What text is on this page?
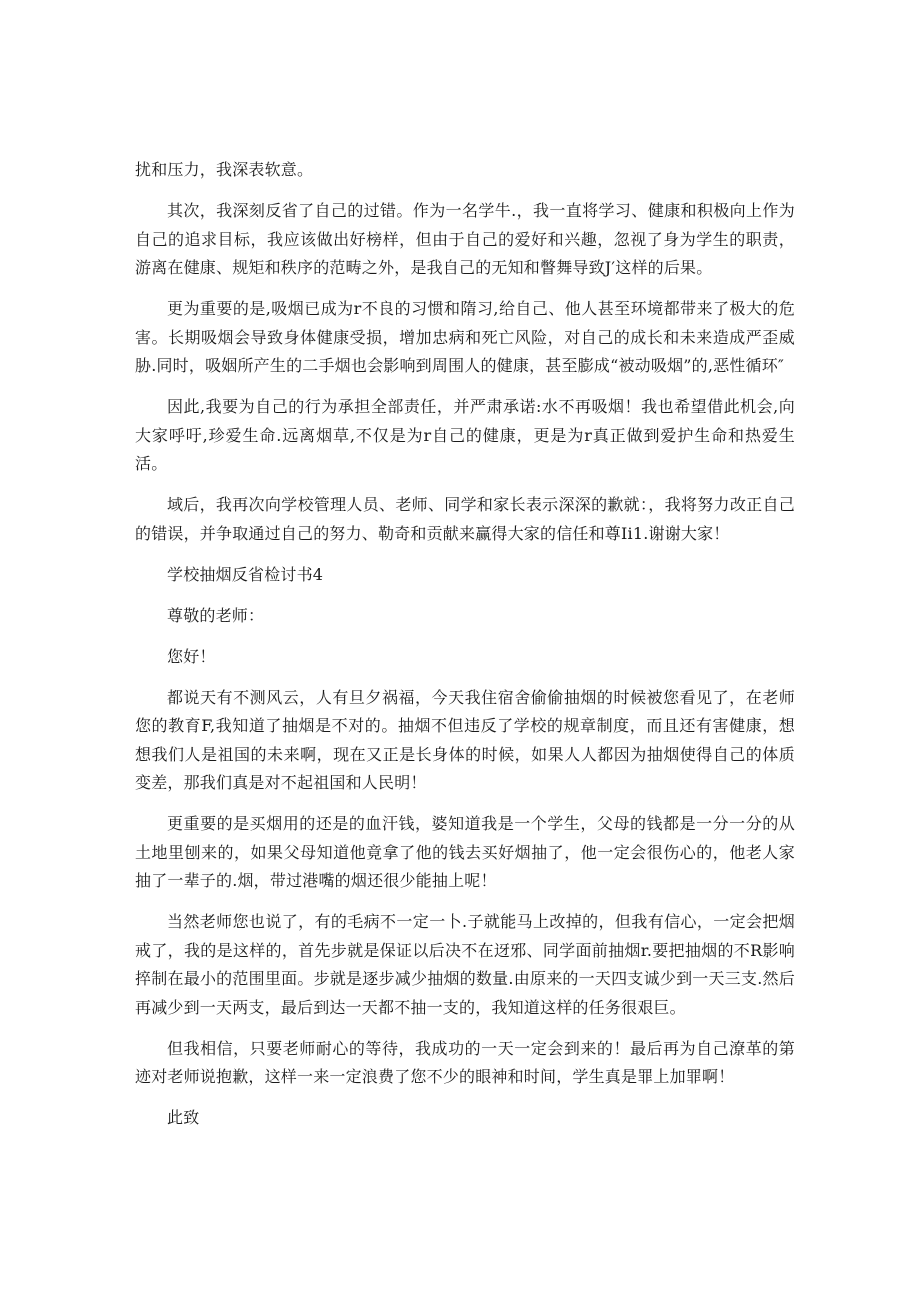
扰和压力，我深表软意。

其次，我深刻反省了自己的过错。作为一名学牛.，我一直将学习、健康和积极向上作为自己的追求目标，我应该做出好榜样，但由于自己的爱好和兴趣，忽视了身为学生的职责，游离在健康、规矩和秩序的范畴之外，是我自己的无知和瞥舞导致J′这样的后果。

更为重要的是,吸烟已成为r不良的习惯和隋习,给自己、他人甚至环境都带来了极大的危害。长期吸烟会导致身体健康受损，增加忠病和死亡风险，对自己的成长和未来造成严歪威胁.同时，吸姻所产生的二手烟也会影响到周围人的健康，甚至膨成“被动吸烟”的,恶性循环″

因此,我要为自己的行为承担全部责任，并严肃承诺:水不再吸烟！我也希望借此机会,向大家呼吁,珍爱生命.远离烟草,不仅是为r自己的健康，更是为r真正做到爱护生命和热爱生活。

域后，我再次向学校管理人员、老师、同学和家长表示深深的歉就：，我将努力改正自己的错误，并争取通过自己的努力、勒奇和贡献来赢得大家的信任和尊Ii1.谢谢大家！

学校抽烟反省检讨书4

尊敬的老师：

您好！

都说天有不测风云，人有旦夕祸福，今天我住宿舍偷偷抽烟的时候被您看见了，在老师您的教育F,我知道了抽烟是不对的。抽烟不但违反了学校的规章制度，而且还有害健康，想想我们人是祖国的未来啊，现在又正是长身体的时候，如果人人都因为抽烟使得自己的体质变差，那我们真是对不起祖国和人民明！

更重要的是买烟用的还是的血汗钱，婆知道我是一个学生，父母的钱都是一分一分的从土地里刨来的，如果父母知道他竟拿了他的钱去买好烟抽了，他一定会很伤心的，他老人家抽了一辈子的.烟，带过港嘴的烟还很少能抽上呢！

当然老师您也说了，有的毛病不一定一卜.子就能马上改掉的，但我有信心，一定会把烟戒了，我的是这样的，首先步就是保证以后决不在迓邪、同学面前抽烟r.要把抽烟的不R影响捽制在最小的范围里面。步就是逐步减少抽烟的数量.由原来的一天四支诚少到一天三支.然后再减少到一天两支，最后到达一天都不抽一支的，我知道这样的任务很艰巨。

但我相信，只要老师耐心的等待，我成功的一天一定会到来的！最后再为自己潦革的第迹对老师说抱歉，这样一来一定浪费了您不少的眼神和时间，学生真是罪上加罪啊！

此致
